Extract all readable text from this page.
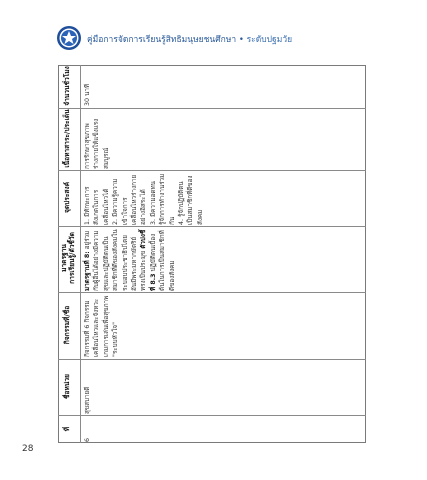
คู่มือการจัดการเรียนรู้สิทธิมนุษยชนศึกษา • ระดับปฐมวัย
ที่
ชื่อหน่วย
กิจกรรมที่/ชื่อ
มาตรฐาน
การเรียนรู้/ตัวชี้วัด
จุดประสงค์
เนื้อหาสาระ/ประเด็น
จำนวนชั่วโมง
6
สุขสบายดี
กิจกรรมที่ 6 กิจกรรมเคลื่อนไหวและจังหวะ เกมการเล่นเพื่อสุขภาพ "ระบบหัวใจ"
มาตรฐานที่ 8: อยู่ร่วมกับผู้อื่นได้อย่างมีความสุขและปฏิบัติตนเป็นสมาชิกที่ดีของสังคมในระบอบประชาธิปไตย อันมีพระมหากษัตริย์ทรงเป็นประมุข ตัวบ่งชี้ที่ 8.3 ปฏิบัติตนเบื้องต้นในการเป็นสมาชิกที่ดีของสังคม
1. มีทักษะการสังเกตในการเคลื่อนไหวได้
2. มีความรู้ความเข้าใจการเคลื่อนไหวร่างกายอย่างอิสระได้
3. มีความอดทน รู้จักการทำงานร่วมกัน
4. รู้จักปฏิบัติตนเป็นสมาชิกที่ดีของสังคม
การรักษาสุขภาพ ร่างกายให้แข็งแรงสมบูรณ์
30 นาที
28
